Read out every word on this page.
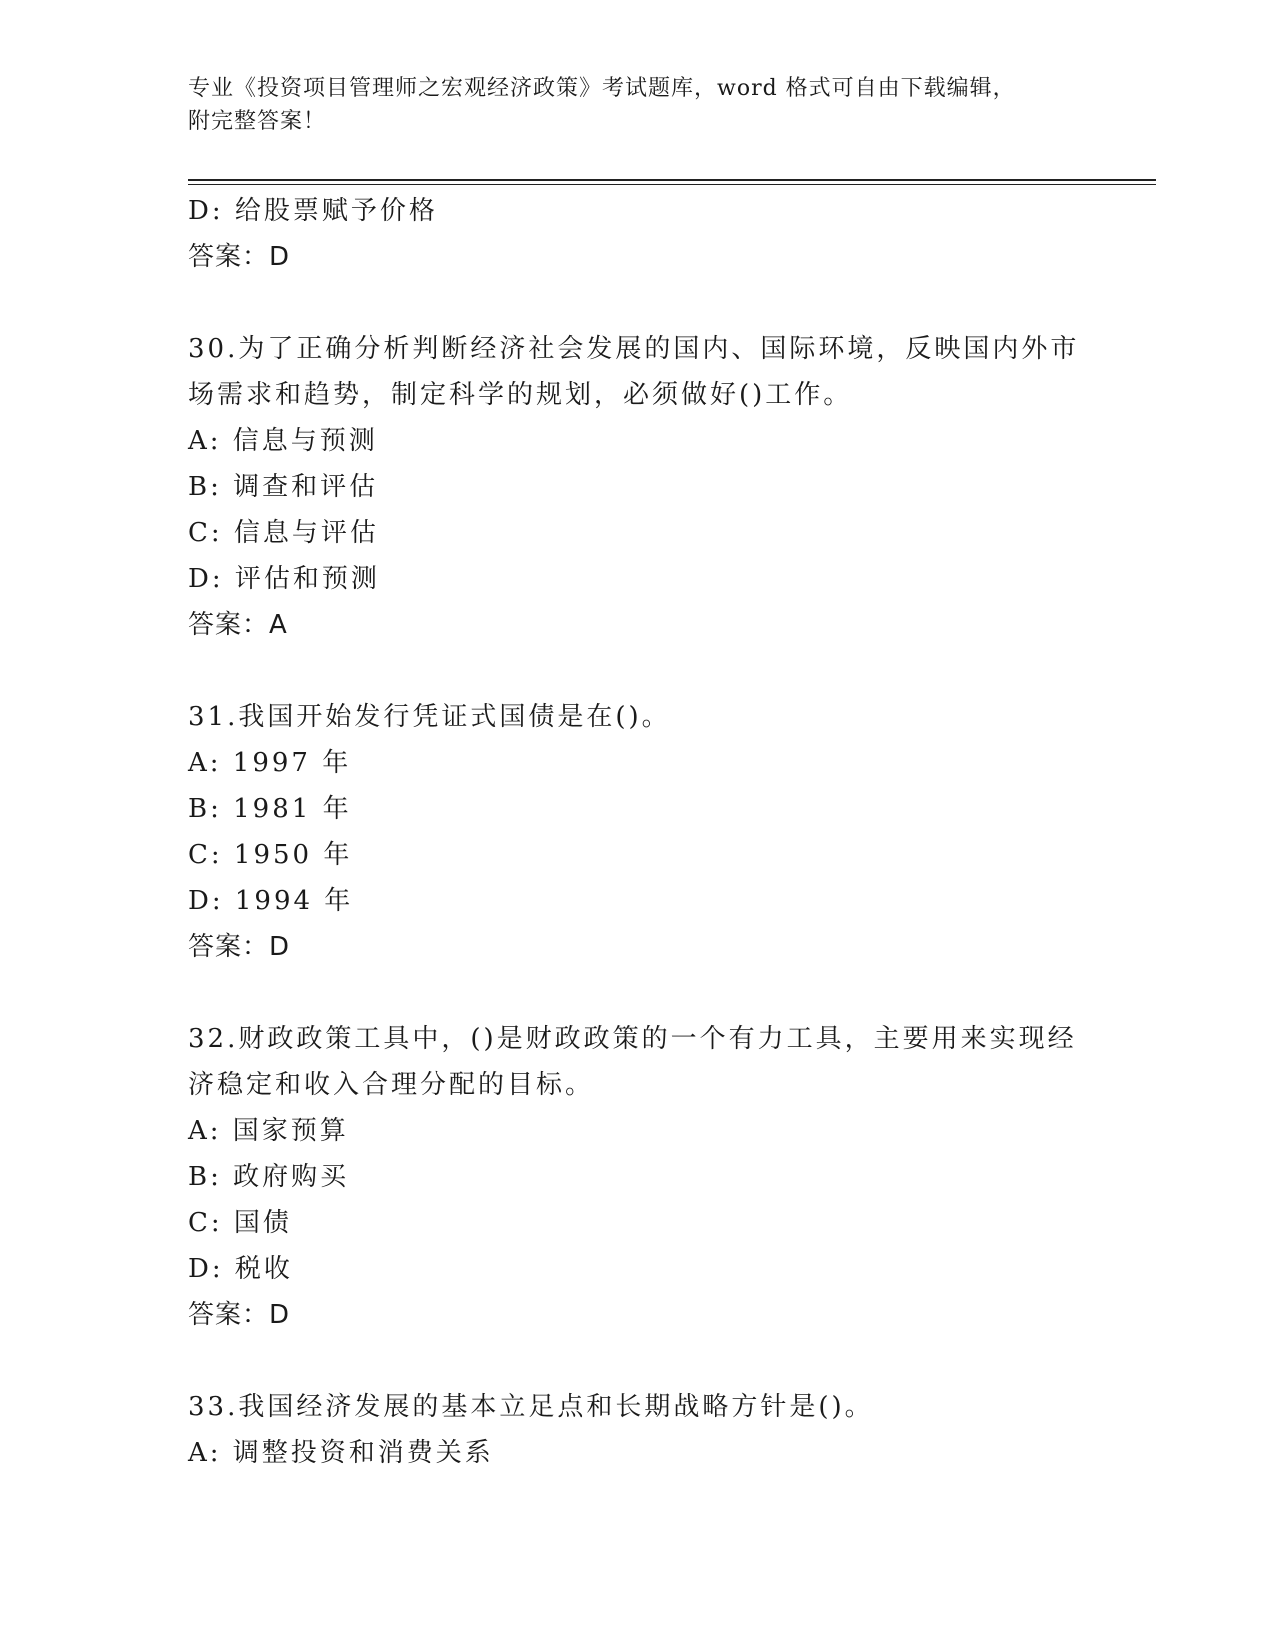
专业《投资项目管理师之宏观经济政策》考试题库，word 格式可自由下载编辑，
附完整答案！
D: 给股票赋予价格
答案：D
30.为了正确分析判断经济社会发展的国内、国际环境，反映国内外市
场需求和趋势，制定科学的规划，必须做好()工作。
A: 信息与预测
B: 调查和评估
C: 信息与评估
D: 评估和预测
答案：A
31.我国开始发行凭证式国债是在()。
A: 1997 年
B: 1981 年
C: 1950 年
D: 1994 年
答案：D
32.财政政策工具中，()是财政政策的一个有力工具，主要用来实现经
济稳定和收入合理分配的目标。
A: 国家预算
B: 政府购买
C: 国债
D: 税收
答案：D
33.我国经济发展的基本立足点和长期战略方针是()。
A: 调整投资和消费关系
